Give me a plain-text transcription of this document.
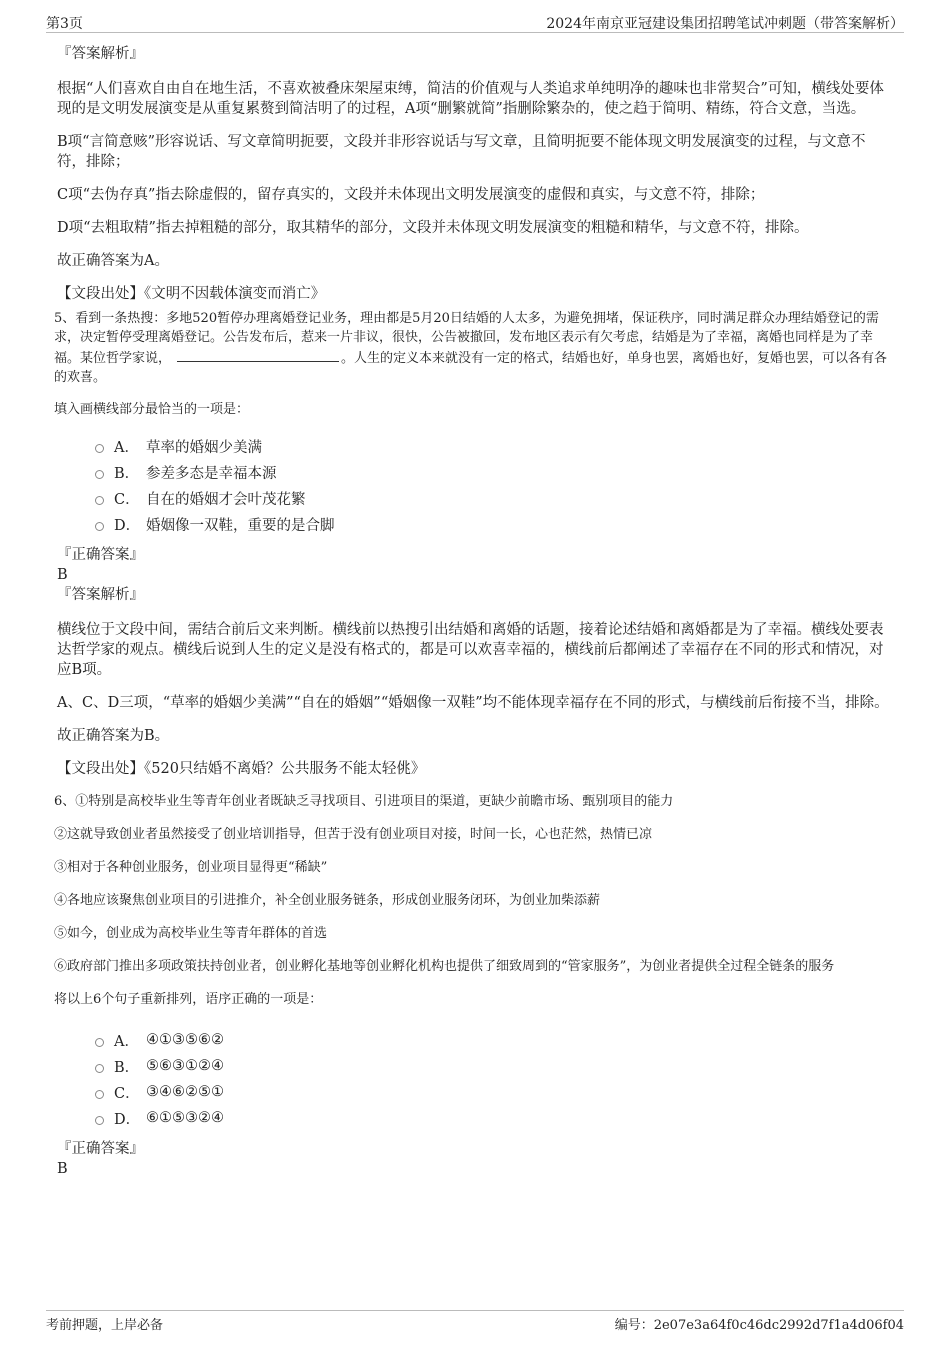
第3页	2024年南京亚冠建设集团招聘笔试冲刺题（带答案解析）

『答案解析』

根据“人们喜欢自由自在地生活，不喜欢被叠床架屋束缚，简洁的价值观与人类追求单纯明净的趣味也非常契合”可知，横线处要体现的是文明发展演变是从重复累赘到简洁明了的过程，A项“删繁就简”指删除繁杂的，使之趋于简明、精练，符合文意，当选。

B项“言简意赅”形容说话、写文章简明扼要，文段并非形容说话与写文章，且简明扼要不能体现文明发展演变的过程，与文意不符，排除；

C项“去伪存真”指去除虚假的，留存真实的，文段并未体现出文明发展演变的虚假和真实，与文意不符，排除；

D项“去粗取精”指去掉粗糙的部分，取其精华的部分，文段并未体现文明发展演变的粗糙和精华，与文意不符，排除。

故正确答案为A。

【文段出处】《文明不因载体演变而消亡》

5、看到一条热搜：多地520暂停办理离婚登记业务，理由都是5月20日结婚的人太多，为避免拥堵，保证秩序，同时满足群众办理结婚登记的需求，决定暂停受理离婚登记。公告发布后，惹来一片非议，很快，公告被撤回，发布地区表示有欠考虑，结婚是为了幸福，离婚也同样是为了幸福。某位哲学家说，	。人生的定义本来就没有一定的格式，结婚也好，单身也罢，离婚也好，复婚也罢，可以各有各的欢喜。

填入画横线部分最恰当的一项是：

A． 草率的婚姻少美满
B． 参差多态是幸福本源
C． 自在的婚姻才会叶茂花繁
D． 婚姻像一双鞋，重要的是合脚

『正确答案』

B

『答案解析』

横线位于文段中间，需结合前后文来判断。横线前以热搜引出结婚和离婚的话题，接着论述结婚和离婚都是为了幸福。横线处要表达哲学家的观点。横线后说到人生的定义是没有格式的，都是可以欢喜幸福的，横线前后都阐述了幸福存在不同的形式和情况，对应B项。

A、C、D三项，“草率的婚姻少美满”“自在的婚姻”“婚姻像一双鞋”均不能体现幸福存在不同的形式，与横线前后衔接不当，排除。

故正确答案为B。

【文段出处】《520只结婚不离婚？公共服务不能太轻佻》

6、①特别是高校毕业生等青年创业者既缺乏寻找项目、引进项目的渠道，更缺少前瞻市场、甄别项目的能力

②这就导致创业者虽然接受了创业培训指导，但苦于没有创业项目对接，时间一长，心也茫然，热情已凉

③相对于各种创业服务，创业项目显得更“稀缺”

④各地应该聚焦创业项目的引进推介，补全创业服务链条，形成创业服务闭环，为创业加柴添薪

⑤如今，创业成为高校毕业生等青年群体的首选

⑥政府部门推出多项政策扶持创业者，创业孵化基地等创业孵化机构也提供了细致周到的“管家服务”，为创业者提供全过程全链条的服务

将以上6个句子重新排列，语序正确的一项是：

A． ④①③⑤⑥②
B． ⑤⑥③①②④
C． ③④⑥②⑤①
D． ⑥①⑤③②④

『正确答案』

B

考前押题，上岸必备	编号：2e07e3a64f0c46dc2992d7f1a4d06f04
